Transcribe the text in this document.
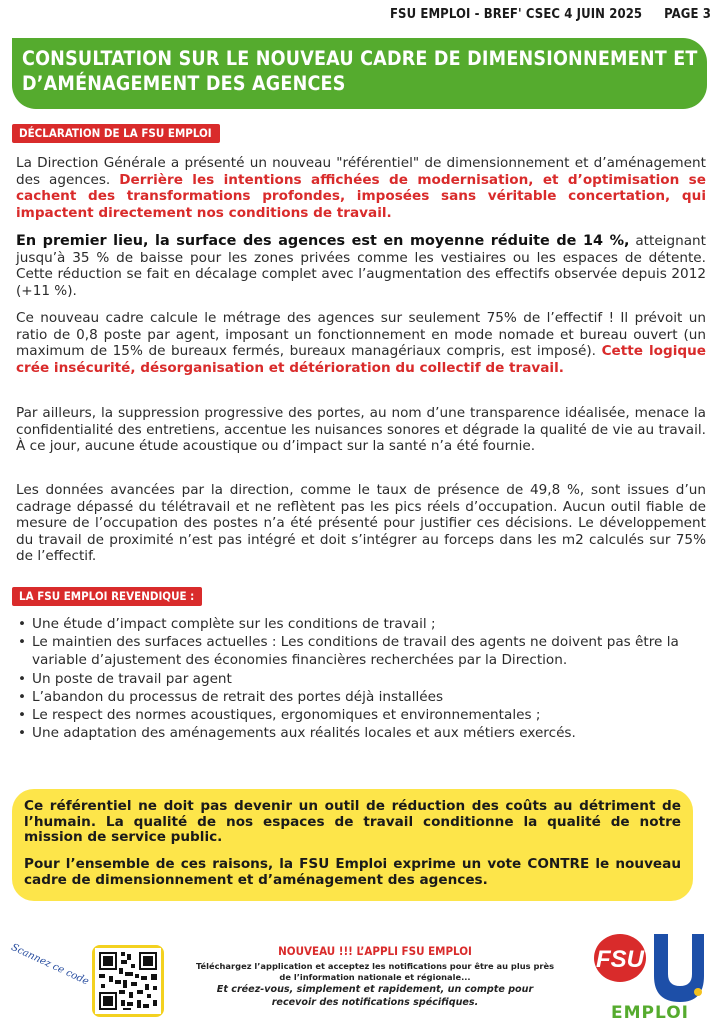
FSU EMPLOI - BREF' CSEC 4 JUIN 2025 PAGE 3
CONSULTATION SUR LE NOUVEAU CADRE DE DIMENSIONNEMENT ET
D’AMÉNAGEMENT DES AGENCES
DÉCLARATION DE LA FSU EMPLOI
La Direction Générale a présenté un nouveau "référentiel" de dimensionnement et d’aménagement des agences. Derrière les intentions affichées de modernisation, et d’optimisation se cachent des transformations profondes, imposées sans véritable concertation, qui impactent directement nos conditions de travail.
En premier lieu, la surface des agences est en moyenne réduite de 14 %, atteignant jusqu’à 35 % de baisse pour les zones privées comme les vestiaires ou les espaces de détente. Cette réduction se fait en décalage complet avec l’augmentation des effectifs observée depuis 2012 (+11 %).
Ce nouveau cadre calcule le métrage des agences sur seulement 75% de l’effectif ! Il prévoit un ratio de 0,8 poste par agent, imposant un fonctionnement en mode nomade et bureau ouvert (un maximum de 15% de bureaux fermés, bureaux managériaux compris, est imposé). Cette logique crée insécurité, désorganisation et détérioration du collectif de travail.
Par ailleurs, la suppression progressive des portes, au nom d’une transparence idéalisée, menace la confidentialité des entretiens, accentue les nuisances sonores et dégrade la qualité de vie au travail. À ce jour, aucune étude acoustique ou d’impact sur la santé n’a été fournie.
Les données avancées par la direction, comme le taux de présence de 49,8 %, sont issues d’un cadrage dépassé du télétravail et ne reflètent pas les pics réels d’occupation. Aucun outil fiable de mesure de l’occupation des postes n’a été présenté pour justifier ces décisions. Le développement du travail de proximité n’est pas intégré et doit s’intégrer au forceps dans les m2 calculés sur 75% de l’effectif.
LA FSU EMPLOI REVENDIQUE :
• Une étude d’impact complète sur les conditions de travail ;
• Le maintien des surfaces actuelles : Les conditions de travail des agents ne doivent pas être la variable d’ajustement des économies financières recherchées par la Direction.
• Un poste de travail par agent
• L’abandon du processus de retrait des portes déjà installées
• Le respect des normes acoustiques, ergonomiques et environnementales ;
• Une adaptation des aménagements aux réalités locales et aux métiers exercés.

Ce référentiel ne doit pas devenir un outil de réduction des coûts au détriment de l’humain. La qualité de nos espaces de travail conditionne la qualité de notre mission de service public.

Pour l’ensemble de ces raisons, la FSU Emploi exprime un vote CONTRE le nouveau cadre de dimensionnement et d’aménagement des agences.

Scannez ce code	NOUVEAU !!! L’APPLI FSU EMPLOI
Téléchargez l’application et acceptez les notifications pour être au plus près de l’information nationale et régionale...
Et créez-vous, simplement et rapidement, un compte pour recevoir des notifications spécifiques.
FSU
EMPLOI
